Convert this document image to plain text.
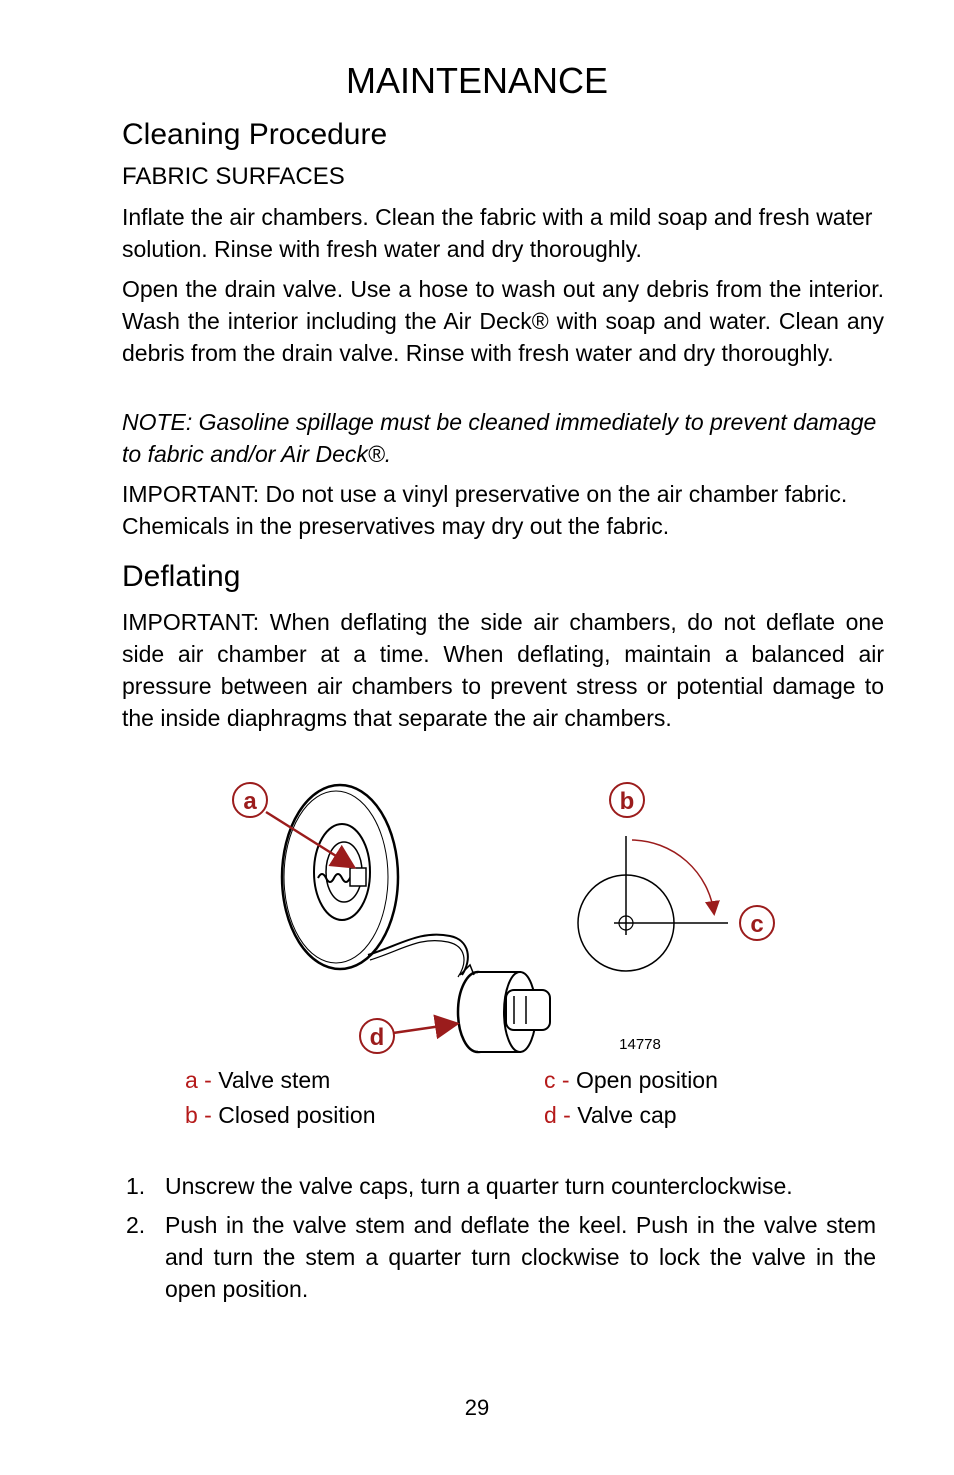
MAINTENANCE
Cleaning Procedure
FABRIC SURFACES
Inflate the air chambers. Clean the fabric with a mild soap and fresh water solution. Rinse with fresh water and dry thoroughly.
Open the drain valve. Use a hose to wash out any debris from the interior. Wash the interior including the Air Deck® with soap and water. Clean any debris from the drain valve. Rinse with fresh water and dry thoroughly.
NOTE: Gasoline spillage must be cleaned immediately to prevent damage to fabric and/or Air Deck®.
IMPORTANT: Do not use a vinyl preservative on the air chamber fabric. Chemicals in the preservatives may dry out the fabric.
Deflating
IMPORTANT: When deflating the side air chambers, do not deflate one side air chamber at a time. When deflating, maintain a balanced air pressure between air chambers to prevent stress or potential damage to the inside diaphragms that separate the air chambers.
a	b
c
d	14778
a - Valve stem
b - Closed position
c - Open position
d - Valve cap
1. Unscrew the valve caps, turn a quarter turn counterclockwise.
2. Push in the valve stem and deflate the keel. Push in the valve stem and turn the stem a quarter turn clockwise to lock the valve in the open position.
29
